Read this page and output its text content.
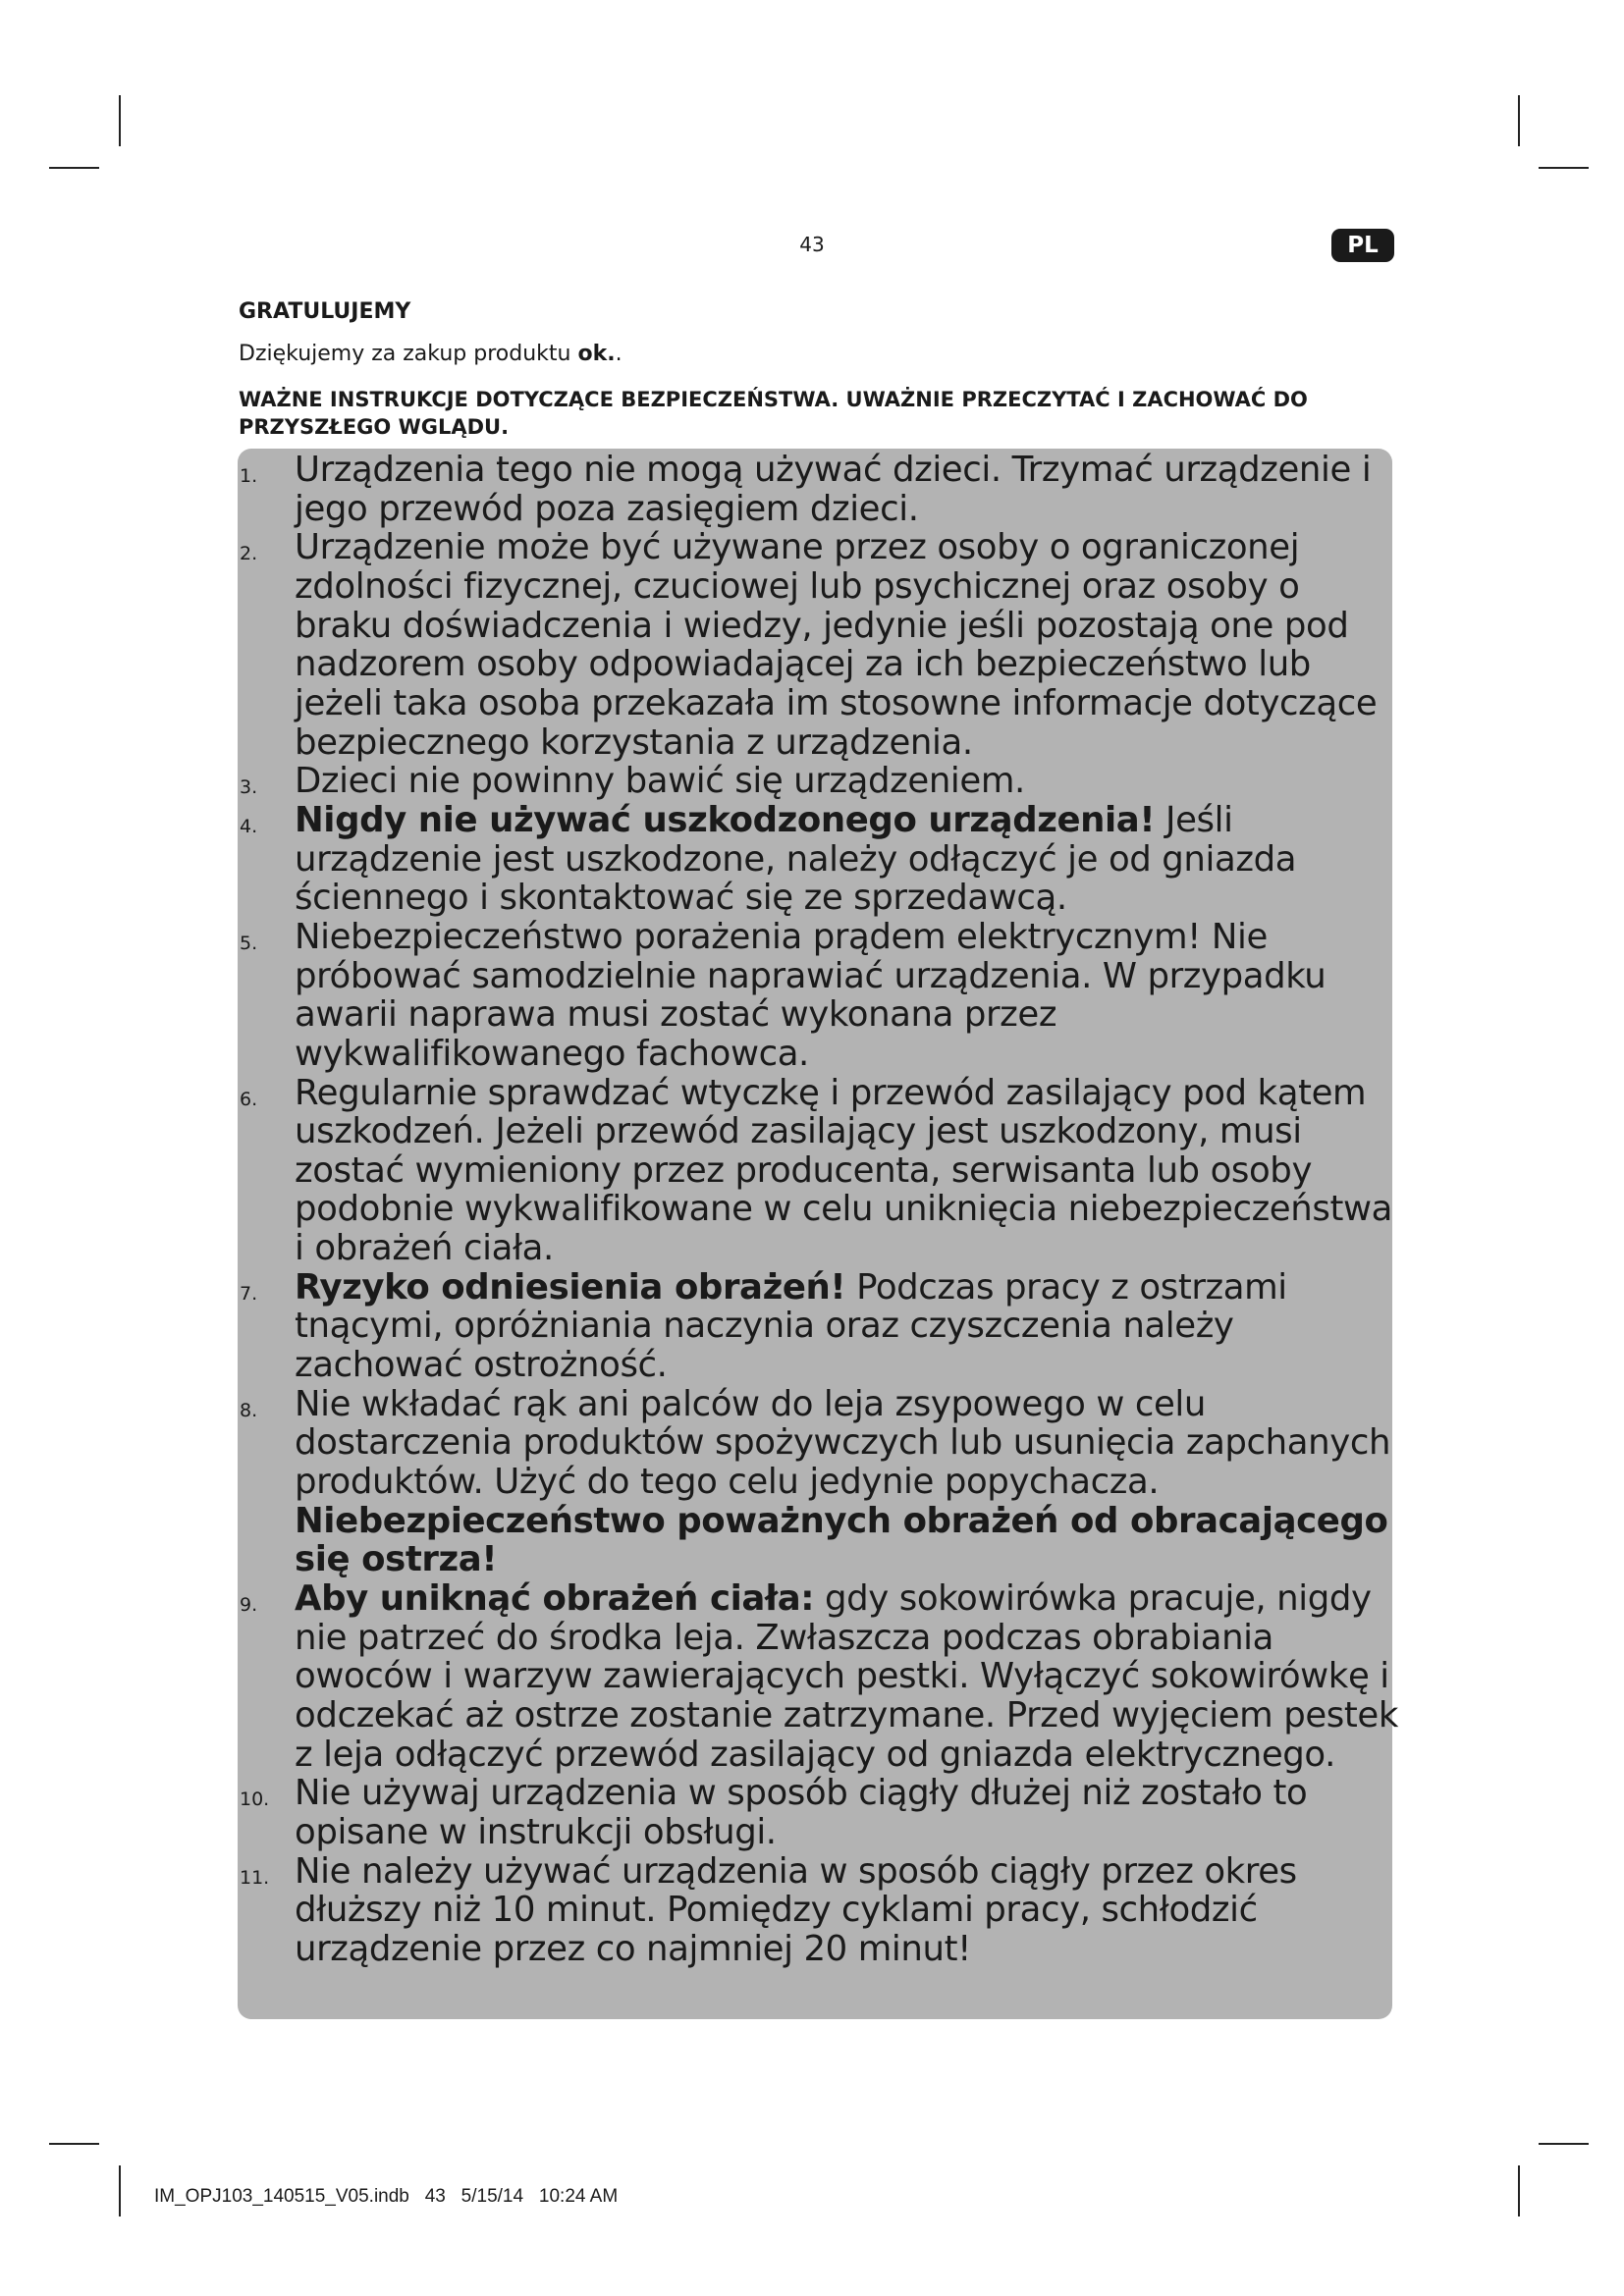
43	PL
GRATULUJEMY
Dziękujemy za zakup produktu ok..
WAŻNE INSTRUKCJE DOTYCZĄCE BEZPIECZEŃSTWA. UWAŻNIE PRZECZYTAĆ I ZACHOWAĆ DO PRZYSZŁEGO WGLĄDU.
1. Urządzenia tego nie mogą używać dzieci. Trzymać urządzenie i jego przewód poza zasięgiem dzieci.
2. Urządzenie może być używane przez osoby o ograniczonej zdolności fizycznej, czuciowej lub psychicznej oraz osoby o braku doświadczenia i wiedzy, jedynie jeśli pozostają one pod nadzorem osoby odpowiadającej za ich bezpieczeństwo lub jeżeli taka osoba przekazała im stosowne informacje dotyczące bezpiecznego korzystania z urządzenia.
3. Dzieci nie powinny bawić się urządzeniem.
4. Nigdy nie używać uszkodzonego urządzenia! Jeśli urządzenie jest uszkodzone, należy odłączyć je od gniazda ściennego i skontaktować się ze sprzedawcą.
5. Niebezpieczeństwo porażenia prądem elektrycznym! Nie próbować samodzielnie naprawiać urządzenia. W przypadku awarii naprawa musi zostać wykonana przez wykwalifikowanego fachowca.
6. Regularnie sprawdzać wtyczkę i przewód zasilający pod kątem uszkodzeń. Jeżeli przewód zasilający jest uszkodzony, musi zostać wymieniony przez producenta, serwisanta lub osoby podobnie wykwalifikowane w celu uniknięcia niebezpieczeństwa i obrażeń ciała.
7. Ryzyko odniesienia obrażeń! Podczas pracy z ostrzami tnącymi, opróżniania naczynia oraz czyszczenia należy zachować ostrożność.
8. Nie wkładać rąk ani palców do leja zsypowego w celu dostarczenia produktów spożywczych lub usunięcia zapchanych produktów. Użyć do tego celu jedynie popychacza. Niebezpieczeństwo poważnych obrażeń od obracającego się ostrza!
9. Aby uniknąć obrażeń ciała: gdy sokowirówka pracuje, nigdy nie patrzeć do środka leja. Zwłaszcza podczas obrabiania owoców i warzyw zawierających pestki. Wyłączyć sokowirówkę i odczekać aż ostrze zostanie zatrzymane. Przed wyjęciem pestek z leja odłączyć przewód zasilający od gniazda elektrycznego.
10. Nie używaj urządzenia w sposób ciągły dłużej niż zostało to opisane w instrukcji obsługi.
11. Nie należy używać urządzenia w sposób ciągły przez okres dłuższy niż 10 minut. Pomiędzy cyklami pracy, schłodzić urządzenie przez co najmniej 20 minut!
IM_OPJ103_140515_V05.indb   43   5/15/14   10:24 AM
